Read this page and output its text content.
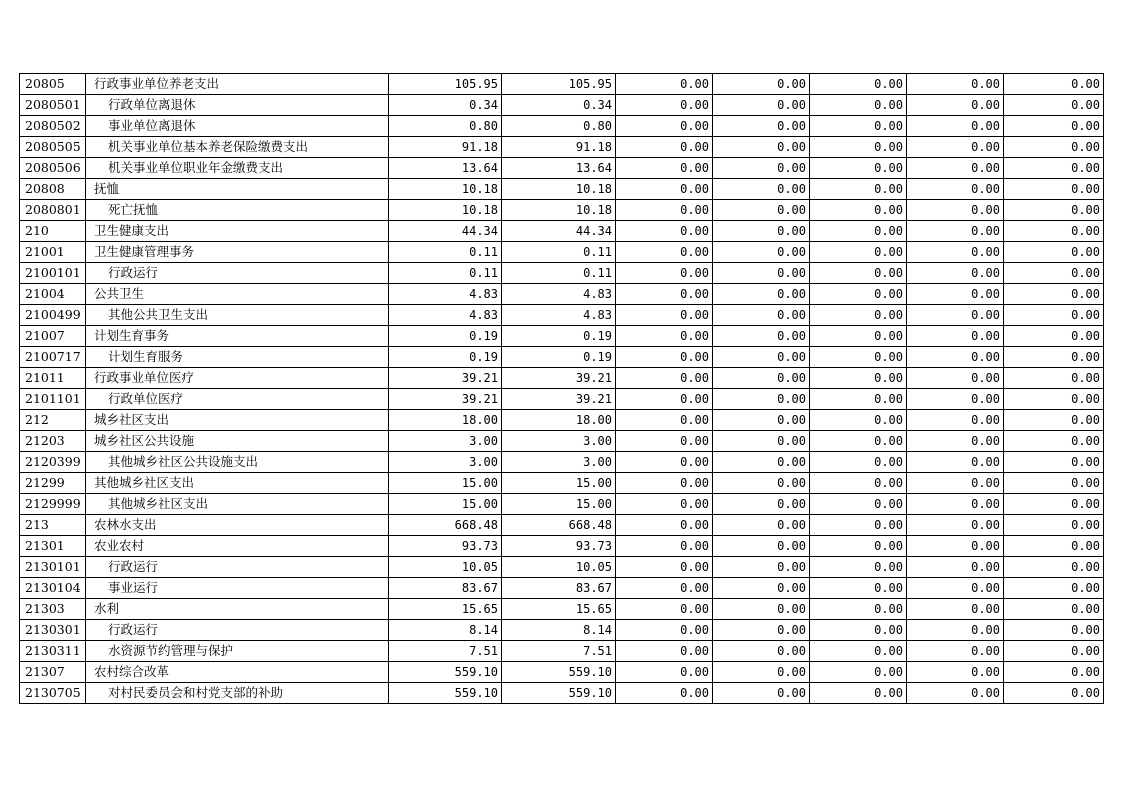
20805	行政事业单位养老支出	105.95	105.95	0.00	0.00	0.00	0.00	0.00
2080501	行政单位离退休	0.34	0.34	0.00	0.00	0.00	0.00	0.00
2080502	事业单位离退休	0.80	0.80	0.00	0.00	0.00	0.00	0.00
2080505	机关事业单位基本养老保险缴费支出	91.18	91.18	0.00	0.00	0.00	0.00	0.00
2080506	机关事业单位职业年金缴费支出	13.64	13.64	0.00	0.00	0.00	0.00	0.00
20808	抚恤	10.18	10.18	0.00	0.00	0.00	0.00	0.00
2080801	死亡抚恤	10.18	10.18	0.00	0.00	0.00	0.00	0.00
210	卫生健康支出	44.34	44.34	0.00	0.00	0.00	0.00	0.00
21001	卫生健康管理事务	0.11	0.11	0.00	0.00	0.00	0.00	0.00
2100101	行政运行	0.11	0.11	0.00	0.00	0.00	0.00	0.00
21004	公共卫生	4.83	4.83	0.00	0.00	0.00	0.00	0.00
2100499	其他公共卫生支出	4.83	4.83	0.00	0.00	0.00	0.00	0.00
21007	计划生育事务	0.19	0.19	0.00	0.00	0.00	0.00	0.00
2100717	计划生育服务	0.19	0.19	0.00	0.00	0.00	0.00	0.00
21011	行政事业单位医疗	39.21	39.21	0.00	0.00	0.00	0.00	0.00
2101101	行政单位医疗	39.21	39.21	0.00	0.00	0.00	0.00	0.00
212	城乡社区支出	18.00	18.00	0.00	0.00	0.00	0.00	0.00
21203	城乡社区公共设施	3.00	3.00	0.00	0.00	0.00	0.00	0.00
2120399	其他城乡社区公共设施支出	3.00	3.00	0.00	0.00	0.00	0.00	0.00
21299	其他城乡社区支出	15.00	15.00	0.00	0.00	0.00	0.00	0.00
2129999	其他城乡社区支出	15.00	15.00	0.00	0.00	0.00	0.00	0.00
213	农林水支出	668.48	668.48	0.00	0.00	0.00	0.00	0.00
21301	农业农村	93.73	93.73	0.00	0.00	0.00	0.00	0.00
2130101	行政运行	10.05	10.05	0.00	0.00	0.00	0.00	0.00
2130104	事业运行	83.67	83.67	0.00	0.00	0.00	0.00	0.00
21303	水利	15.65	15.65	0.00	0.00	0.00	0.00	0.00
2130301	行政运行	8.14	8.14	0.00	0.00	0.00	0.00	0.00
2130311	水资源节约管理与保护	7.51	7.51	0.00	0.00	0.00	0.00	0.00
21307	农村综合改革	559.10	559.10	0.00	0.00	0.00	0.00	0.00
2130705	对村民委员会和村党支部的补助	559.10	559.10	0.00	0.00	0.00	0.00	0.00
